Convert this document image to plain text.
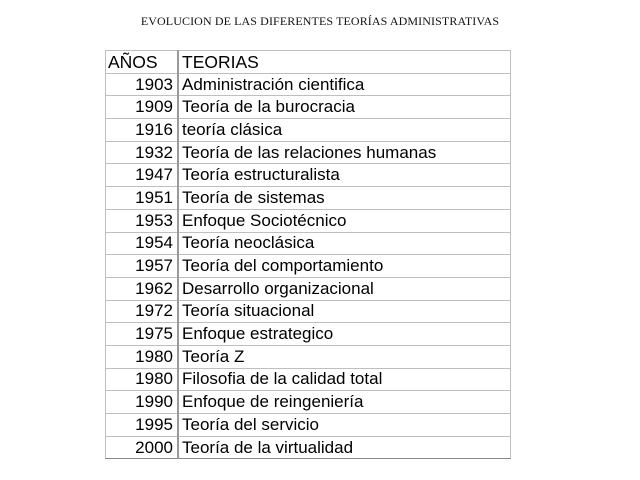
EVOLUCION DE LAS DIFERENTES TEORÍAS ADMINISTRATIVAS
AÑOS	TEORIAS
1903	Administración cientifica
1909	Teoría de la burocracia
1916	teoría clásica
1932	Teoría de las relaciones humanas
1947	Teoría estructuralista
1951	Teoría de sistemas
1953	Enfoque Sociotécnico
1954	Teoría neoclásica
1957	Teoría del comportamiento
1962	Desarrollo organizacional
1972	Teoría situacional
1975	Enfoque estrategico
1980	Teoría Z
1980	Filosofia de la calidad total
1990	Enfoque de reingeniería
1995	Teoría del servicio
2000	Teoría de la virtualidad
